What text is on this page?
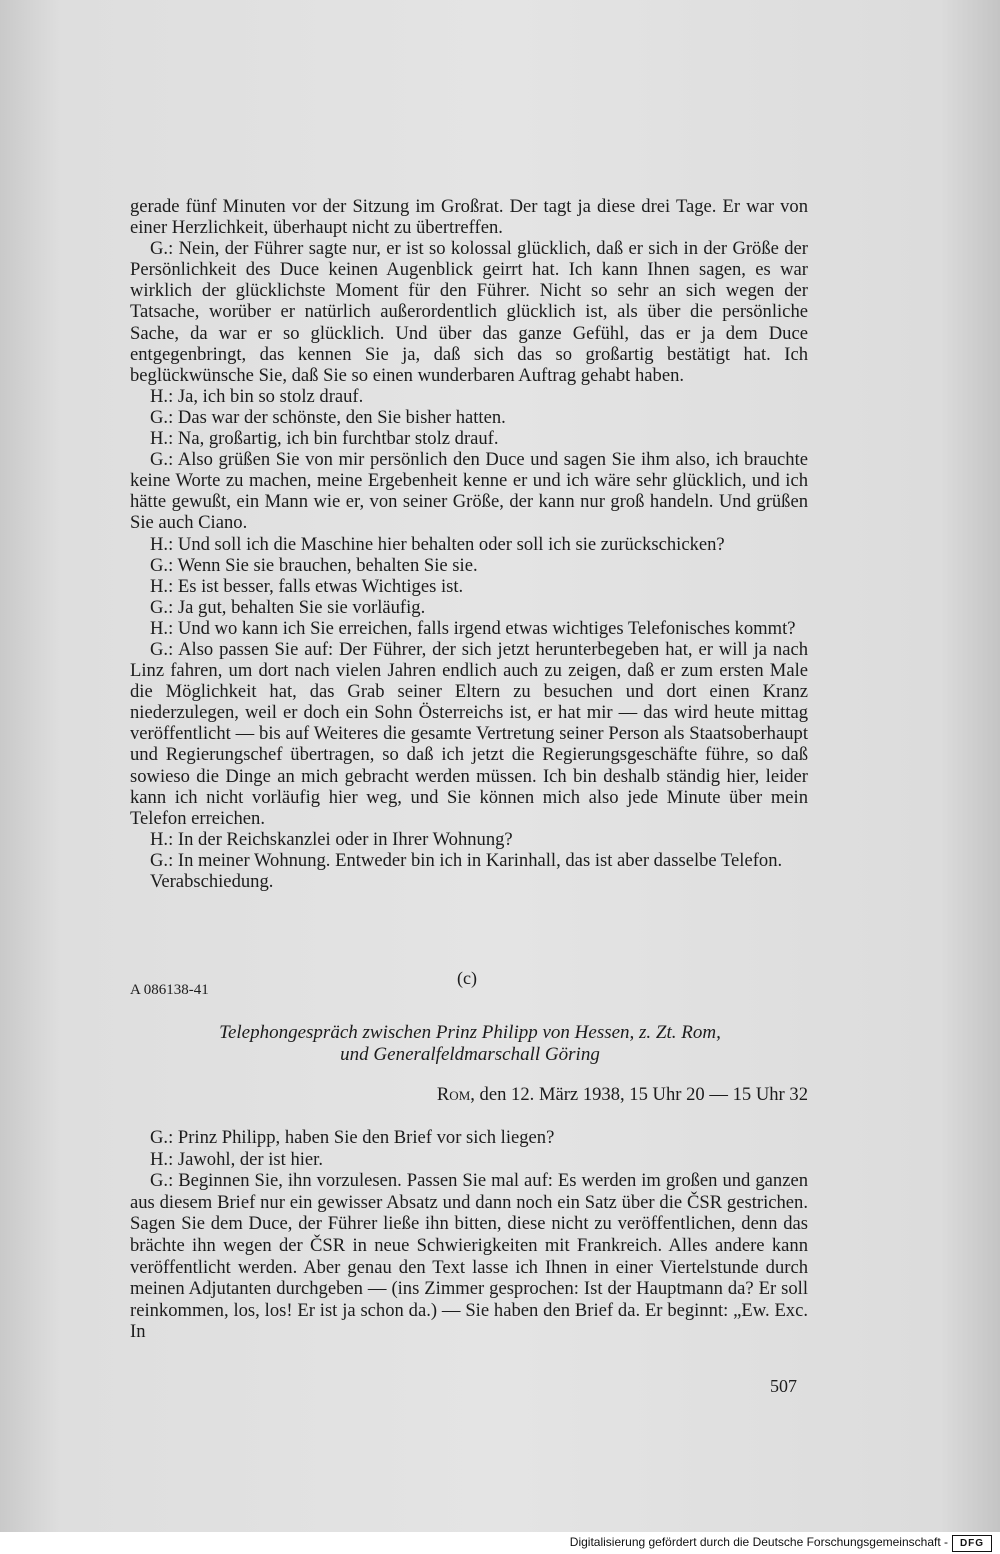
gerade fünf Minuten vor der Sitzung im Großrat. Der tagt ja diese drei Tage. Er war von einer Herzlichkeit, überhaupt nicht zu übertreffen.

G.: Nein, der Führer sagte nur, er ist so kolossal glücklich, daß er sich in der Größe der Persönlichkeit des Duce keinen Augenblick geirrt hat. Ich kann Ihnen sagen, es war wirklich der glücklichste Moment für den Führer. Nicht so sehr an sich wegen der Tatsache, worüber er natürlich außerordentlich glücklich ist, als über die persönliche Sache, da war er so glücklich. Und über das ganze Gefühl, das er ja dem Duce entgegenbringt, das kennen Sie ja, daß sich das so großartig bestätigt hat. Ich beglückwünsche Sie, daß Sie so einen wunderbaren Auftrag gehabt haben.

H.: Ja, ich bin so stolz drauf.

G.: Das war der schönste, den Sie bisher hatten.

H.: Na, großartig, ich bin furchtbar stolz drauf.

G.: Also grüßen Sie von mir persönlich den Duce und sagen Sie ihm also, ich brauchte keine Worte zu machen, meine Ergebenheit kenne er und ich wäre sehr glücklich, und ich hätte gewußt, ein Mann wie er, von seiner Größe, der kann nur groß handeln. Und grüßen Sie auch Ciano.

H.: Und soll ich die Maschine hier behalten oder soll ich sie zurückschicken?

G.: Wenn Sie sie brauchen, behalten Sie sie.

H.: Es ist besser, falls etwas Wichtiges ist.

G.: Ja gut, behalten Sie sie vorläufig.

H.: Und wo kann ich Sie erreichen, falls irgend etwas wichtiges Telefonisches kommt?

G.: Also passen Sie auf: Der Führer, der sich jetzt herunterbegeben hat, er will ja nach Linz fahren, um dort nach vielen Jahren endlich auch zu zeigen, daß er zum ersten Male die Möglichkeit hat, das Grab seiner Eltern zu besuchen und dort einen Kranz niederzulegen, weil er doch ein Sohn Österreichs ist, er hat mir — das wird heute mittag veröffentlicht — bis auf Weiteres die gesamte Vertretung seiner Person als Staatsoberhaupt und Regierungschef übertragen, so daß ich jetzt die Regierungsgeschäfte führe, so daß sowieso die Dinge an mich gebracht werden müssen. Ich bin deshalb ständig hier, leider kann ich nicht vorläufig hier weg, und Sie können mich also jede Minute über mein Telefon erreichen.

H.: In der Reichskanzlei oder in Ihrer Wohnung?

G.: In meiner Wohnung. Entweder bin ich in Karinhall, das ist aber dasselbe Telefon.

Verabschiedung.

(c)
A 086138-41
Telephongespräch zwischen Prinz Philipp von Hessen, z. Zt. Rom,
und Generalfeldmarschall Göring
Rom, den 12. März 1938, 15 Uhr 20 — 15 Uhr 32

G.: Prinz Philipp, haben Sie den Brief vor sich liegen?

H.: Jawohl, der ist hier.

G.: Beginnen Sie, ihn vorzulesen. Passen Sie mal auf: Es werden im großen und ganzen aus diesem Brief nur ein gewisser Absatz und dann noch ein Satz über die ČSR gestrichen. Sagen Sie dem Duce, der Führer ließe ihn bitten, diese nicht zu veröffentlichen, denn das brächte ihn wegen der ČSR in neue Schwierigkeiten mit Frankreich. Alles andere kann veröffentlicht werden. Aber genau den Text lasse ich Ihnen in einer Viertelstunde durch meinen Adjutanten durchgeben — (ins Zimmer gesprochen: Ist der Hauptmann da? Er soll reinkommen, los, los! Er ist ja schon da.) — Sie haben den Brief da. Er beginnt: „Ew. Exc. In

507
Digitalisierung gefördert durch die Deutsche Forschungsgemeinschaft -	DFG
